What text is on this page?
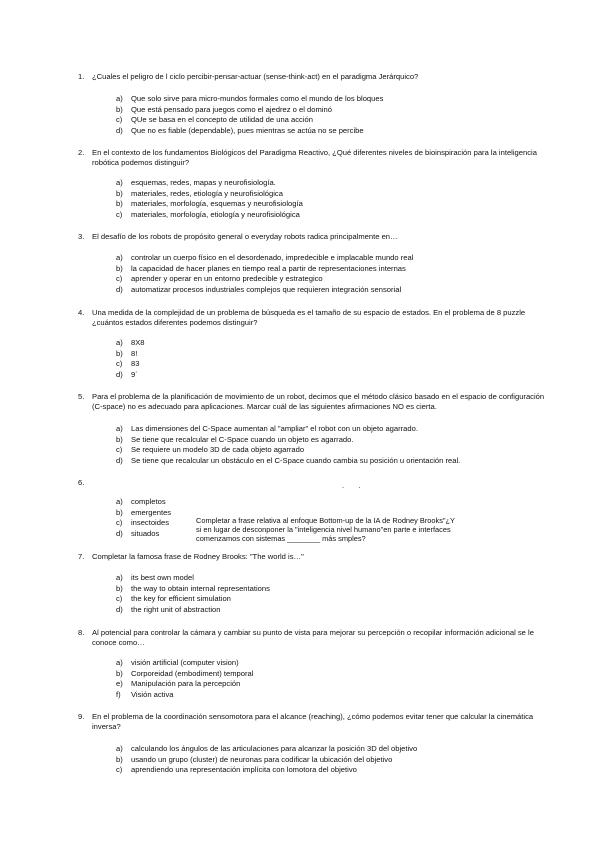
1.	¿Cuales el peligro de l ciclo percibir-pensar-actuar (sense-think-act) en el paradigma Jerárquico?
a) Que solo sirve para micro-mundos formales como el mundo de los bloques
b) Que está pensado para juegos como el ajedrez o el dominó
c) QUe se basa en el concepto de utilidad de una acción
d) Que no es fiable (dependable), pues mientras se actúa no se percibe
2.	En el contexto de los fundamentos Biológicos del Paradigma Reactivo, ¿Qué diferentes niveles de bioinspiración para la inteligencia robótica podemos distinguir?
a) esquemas, redes, mapas y neurofisiología.
b) materiales, redes, etiología y neurofisiológica
b) materiales, morfología, esquemas y neurofisiología
c) materiales, morfología, etiología y neurofisiológica
3.	El desafío de los robots de propósito general o everyday robots radica principalmente en…
a) controlar un cuerpo físico en el desordenado, impredecible e implacable mundo real
b) la capacidad de hacer planes en tiempo real a partir de representaciones internas
c) aprender y operar en un entorno predecible y estrategico
d) automatizar procesos industriales complejos que requieren integración sensorial
4.	Una medida de la complejidad de un problema de búsqueda es el tamaño de su espacio de estados. En el problema de 8 puzzle ¿cuántos estados diferentes podemos distinguir?
a) 8X8
b) 8!
c) 83
d) 9`
5.	Para el problema de la planificación de movimiento de un robot, decimos que el método clásico basado en el espacio de configuración (C-space) no es adecuado para aplicaciones. Marcar cuál de las siguientes afirmaciones NO es cierta.
a) Las dimensiones del C-Space aumentan al "ampliar" el robot con un objeto agarrado.
b) Se tiene que recalcular el C-Space cuando un objeto es agarrado.
c) Se requiere un modelo 3D de cada objeto agarrado
d) Se tiene que recalcular un obstáculo en el C-Space cuando cambia su posición u orientación real.
6.	. .
a) completos
b) emergentes
c) insectoides
d) situados
Completar a frase relativa al enfoque Bottom-up de la IA de Rodney Brooks"¿Y
si en lugar de desconponer la "inteligencia nivel humano"en parte e interfaces
comenzamos con sistemas ________ más smples?
7.	Completar la famosa frase de Rodney Brooks: "The world is…"
a) its best own model
b) the way to obtain internal representations
c) the key for efficient simulation
d) the right unit of abstraction
8.	Al potencial para controlar la cámara y cambiar su punto de vista para mejorar su percepción o recopilar información adicional se le conoce como…
a) visión artificial (computer vision)
b) Corporeidad (embodiment) temporal
e) Manipulación para la percepción
f) Visión activa
9.	En el problema de la coordinación sensomotora para el alcance (reaching), ¿cómo podemos evitar tener que calcular la cinemática inversa?
a) calculando los ángulos de las articulaciones para alcanzar la posición 3D del objetivo
b) usando un grupo (cluster) de neuronas para codificar la ubicación del objetivo
c) aprendiendo una representación implícita con lomotora del objetivo
